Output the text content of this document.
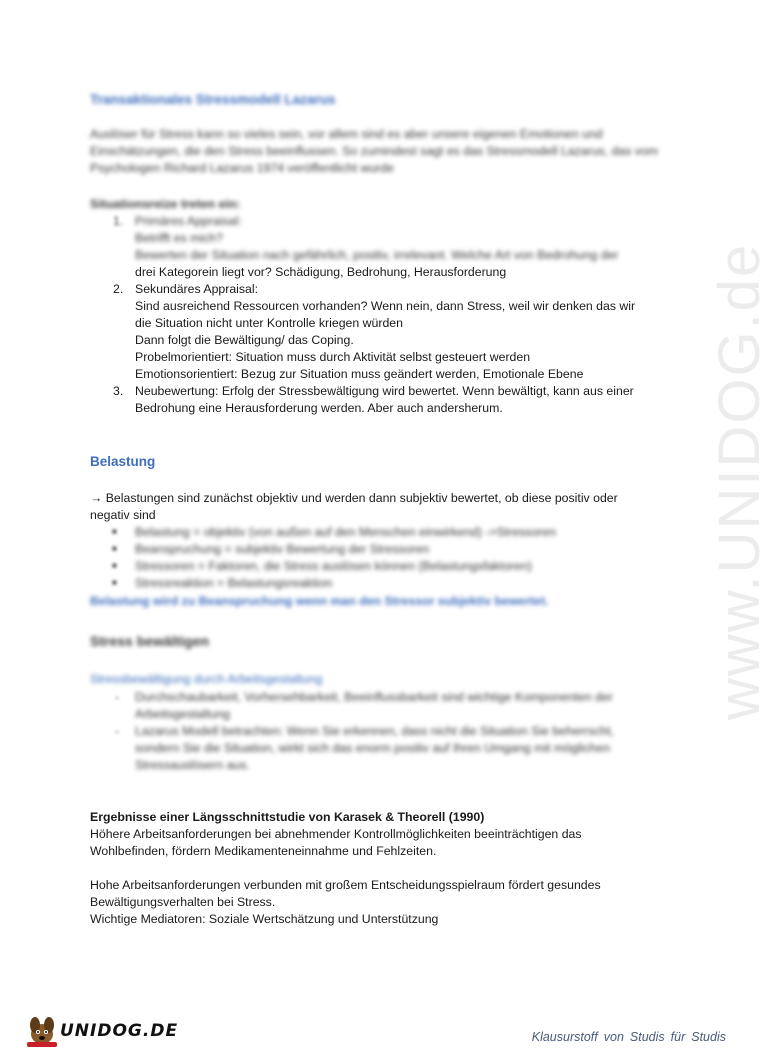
www.UNIDOG.de
Transaktionales Stressmodell Lazarus
Auslöser für Stress kann so vieles sein, vor allem sind es aber unsere eigenen Emotionen und
Einschätzungen, die den Stress beeinflussen. So zumindest sagt es das Stressmodell Lazarus, das vom
Psychologen Richard Lazarus 1974 veröffentlicht wurde
Situationsreize treten ein:
1. Primäres Appraisal:
Betrifft es mich?
Bewerten der Situation nach gefährlich, positiv, irrelevant. Welche Art von Bedrohung der
drei Kategorein liegt vor? Schädigung, Bedrohung, Herausforderung
2. Sekundäres Appraisal:
Sind ausreichend Ressourcen vorhanden? Wenn nein, dann Stress, weil wir denken das wir
die Situation nicht unter Kontrolle kriegen würden
Dann folgt die Bewältigung/ das Coping.
Probelmorientiert: Situation muss durch Aktivität selbst gesteuert werden
Emotionsorientiert: Bezug zur Situation muss geändert werden, Emotionale Ebene
3. Neubewertung: Erfolg der Stressbewältigung wird bewertet. Wenn bewältigt, kann aus einer
Bedrohung eine Herausforderung werden. Aber auch andersherum.
Belastung
→ Belastungen sind zunächst objektiv und werden dann subjektiv bewertet, ob diese positiv oder
negativ sind
■ Belastung = objektiv (von außen auf den Menschen einwirkend) ->Stressoren
■ Beanspruchung = subjektiv Bewertung der Stressoren
■ Stressoren = Faktoren, die Stress auslösen können (Belastungsfaktoren)
■ Stressreaktion = Belastungsreaktion
Belastung wird zu Beanspruchung wenn man den Stressor subjektiv bewertet.
Stress bewältigen
Stressbewältigung durch Arbeitsgestaltung
- Durchschaubarkeit, Vorhersehbarkeit, Beeinflussbarkeit sind wichtige Komponenten der
Arbeitsgestaltung
- Lazarus Modell betrachten: Wenn Sie erkennen, dass nicht die Situation Sie beherrscht,
sondern Sie die Situation, wirkt sich das enorm positiv auf Ihren Umgang mit möglichen
Stressauslösern aus.
Ergebnisse einer Längsschnittstudie von Karasek & Theorell (1990)
Höhere Arbeitsanforderungen bei abnehmender Kontrollmöglichkeiten beeinträchtigen das
Wohlbefinden, fördern Medikamenteneinnahme und Fehlzeiten.
Hohe Arbeitsanforderungen verbunden mit großem Entscheidungsspielraum fördert gesundes
Bewältigungsverhalten bei Stress.
Wichtige Mediatoren: Soziale Wertschätzung und Unterstützung
UNIDOG.DE	Klausurstoff von Studis für Studis
